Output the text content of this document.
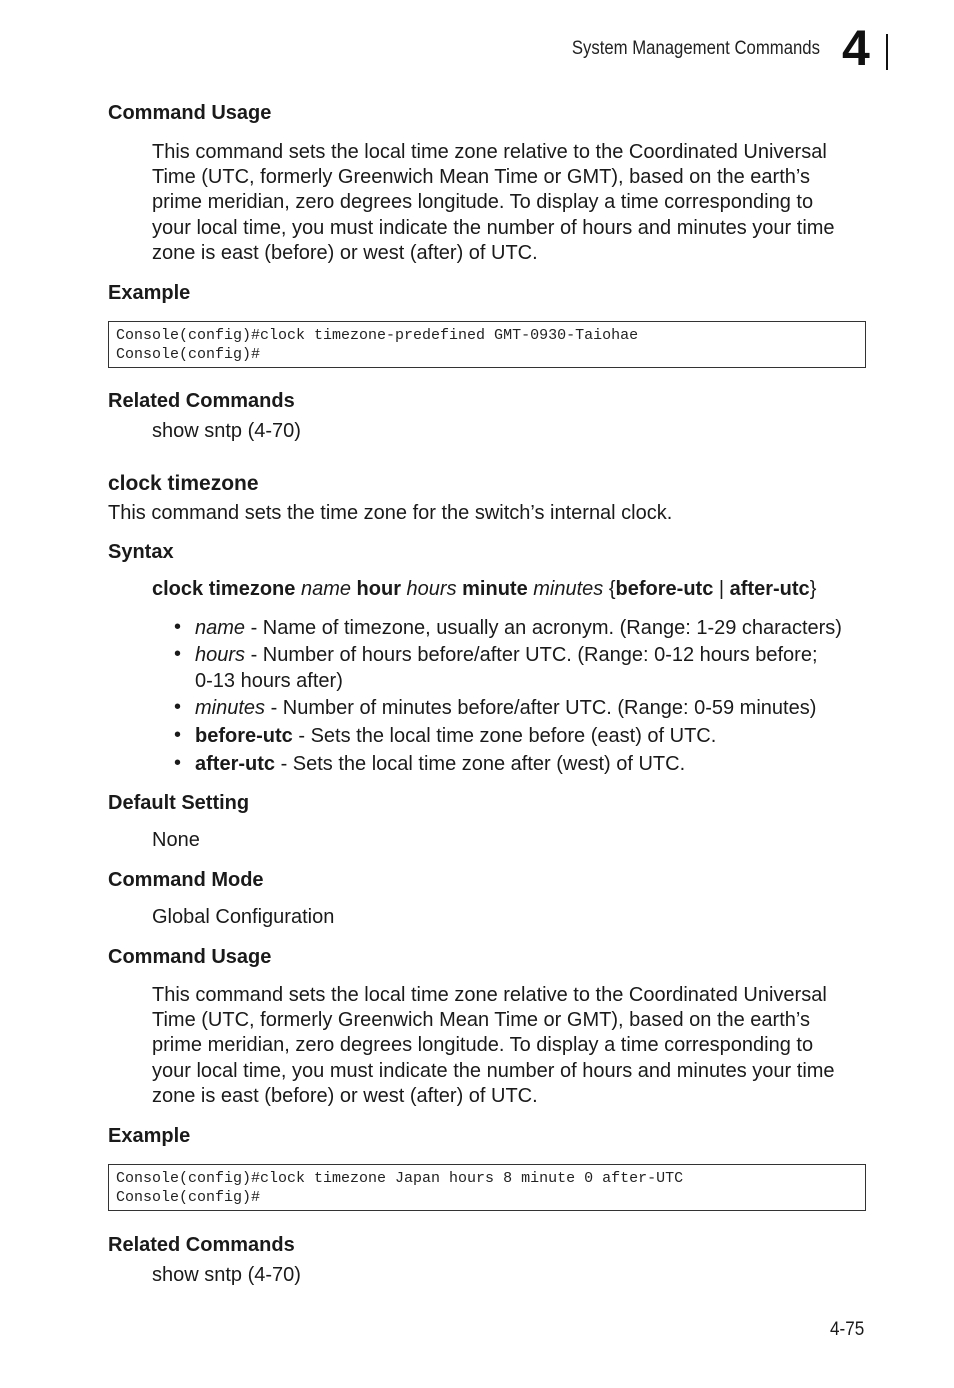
System Management Commands 4
Command Usage
This command sets the local time zone relative to the Coordinated Universal
Time (UTC, formerly Greenwich Mean Time or GMT), based on the earth’s
prime meridian, zero degrees longitude. To display a time corresponding to
your local time, you must indicate the number of hours and minutes your time
zone is east (before) or west (after) of UTC.
Example
Console(config)#clock timezone-predefined GMT-0930-Taiohae
Console(config)#
Related Commands
show sntp (4-70)
clock timezone
This command sets the time zone for the switch’s internal clock.
Syntax
clock timezone name hour hours minute minutes {before-utc | after-utc}
• name - Name of timezone, usually an acronym. (Range: 1-29 characters)
• hours - Number of hours before/after UTC. (Range: 0-12 hours before;
0-13 hours after)
• minutes - Number of minutes before/after UTC. (Range: 0-59 minutes)
• before-utc - Sets the local time zone before (east) of UTC.
• after-utc - Sets the local time zone after (west) of UTC.
Default Setting
None
Command Mode
Global Configuration
Command Usage
This command sets the local time zone relative to the Coordinated Universal
Time (UTC, formerly Greenwich Mean Time or GMT), based on the earth’s
prime meridian, zero degrees longitude. To display a time corresponding to
your local time, you must indicate the number of hours and minutes your time
zone is east (before) or west (after) of UTC.
Example
Console(config)#clock timezone Japan hours 8 minute 0 after-UTC
Console(config)#
Related Commands
show sntp (4-70)
4-75
